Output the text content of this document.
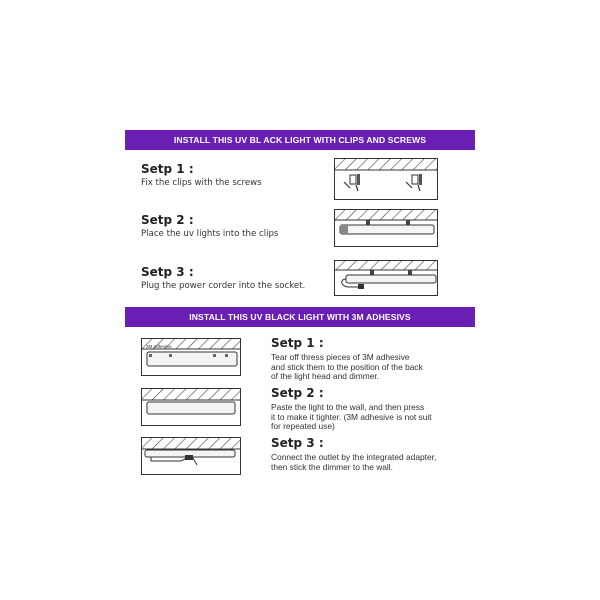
INSTALL THIS UV BL ACK LIGHT WITH CLIPS AND SCREWS
Setp 1 :
Fix the clips with the screws
Setp 2 :
Place the uv lights into the clips
Setp 3 :
Plug the power corder into the socket.
INSTALL THIS UV BLACK LIGHT WITH 3M ADHESIVS
Setp 1 :
Tear off thress pieces of 3M adhesive
and stick them to the position of the back
of the light head and dimmer.
Setp 2 :
Paste the light to the wall, and then press
it to make it tighter. (3M adhesive is not suit
for repeated use)
Setp 3 :
Connect the outlet by the integrated adapter,
then stick the dimmer to the wall.
3M Adhesive
